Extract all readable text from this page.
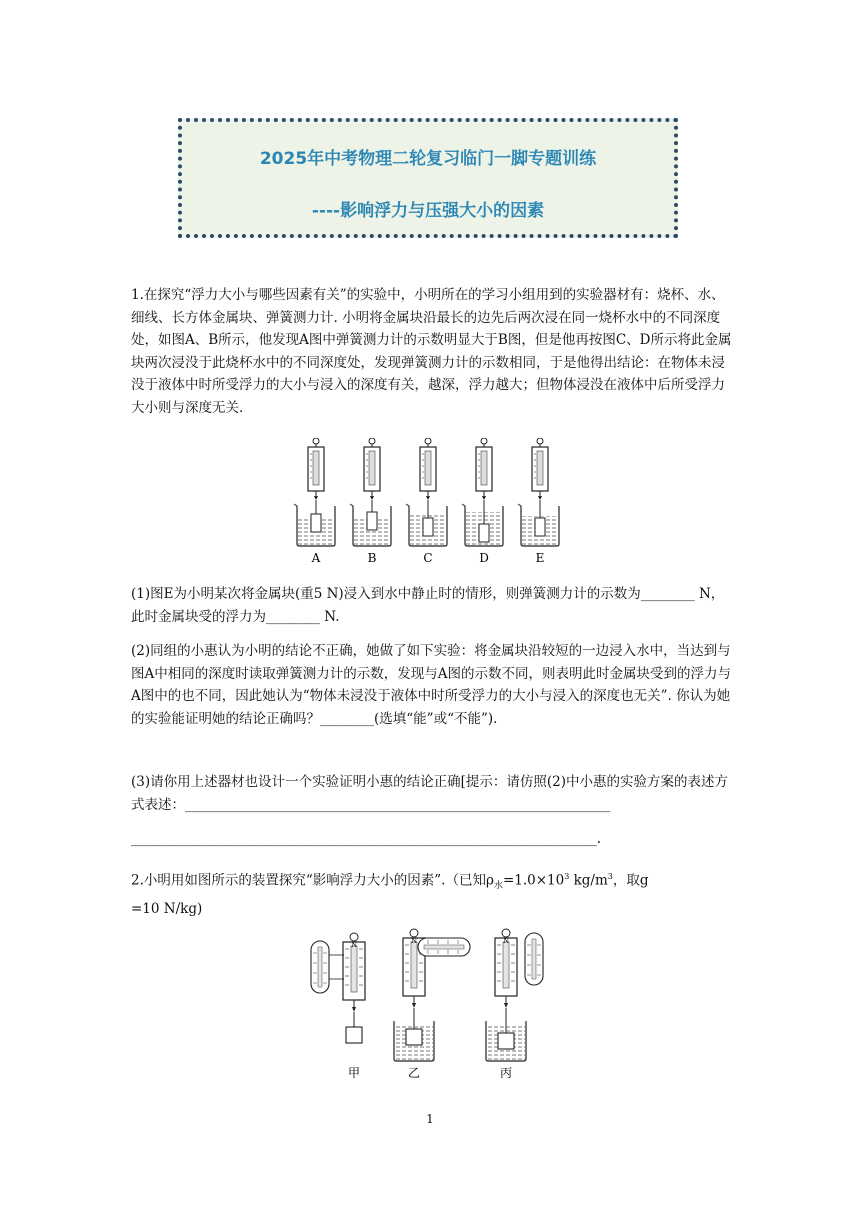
2025年中考物理二轮复习临门一脚专题训练
----影响浮力与压强大小的因素
1.在探究“浮力大小与哪些因素有关”的实验中，小明所在的学习小组用到的实验器材有：烧杯、水、细线、长方体金属块、弹簧测力计. 小明将金属块沿最长的边先后两次浸在同一烧杯水中的不同深度处，如图A、B所示，他发现A图中弹簧测力计的示数明显大于B图，但是他再按图C、D所示将此金属块两次浸没于此烧杯水中的不同深度处，发现弹簧测力计的示数相同，于是他得出结论：在物体未浸没于液体中时所受浮力的大小与浸入的深度有关，越深，浮力越大；但物体浸没在液体中后所受浮力大小则与深度无关.
A	B	C	D	E
(1)图E为小明某次将金属块(重5 N)浸入到水中静止时的情形，则弹簧测力计的示数为________ N，此时金属块受的浮力为________ N.
(2)同组的小惠认为小明的结论不正确，她做了如下实验：将金属块沿较短的一边浸入水中，当达到与图A中相同的深度时读取弹簧测力计的示数，发现与A图的示数不同，则表明此时金属块受到的浮力与A图中的也不同，因此她认为“物体未浸没于液体中时所受浮力的大小与浸入的深度也无关”. 你认为她的实验能证明她的结论正确吗？________(选填“能”或“不能”).
(3)请你用上述器材也设计一个实验证明小惠的结论正确[提示：请仿照(2)中小惠的实验方案的表述方式表述：_______________________________________________________________
_____________________________________________________________________.
2.小明用如图所示的装置探究“影响浮力大小的因素”.（已知$\rho_水=1.0\times 10^3$ $kg/m^3$，取g
=10 N/kg)
N	N	N
甲	乙	丙
1
